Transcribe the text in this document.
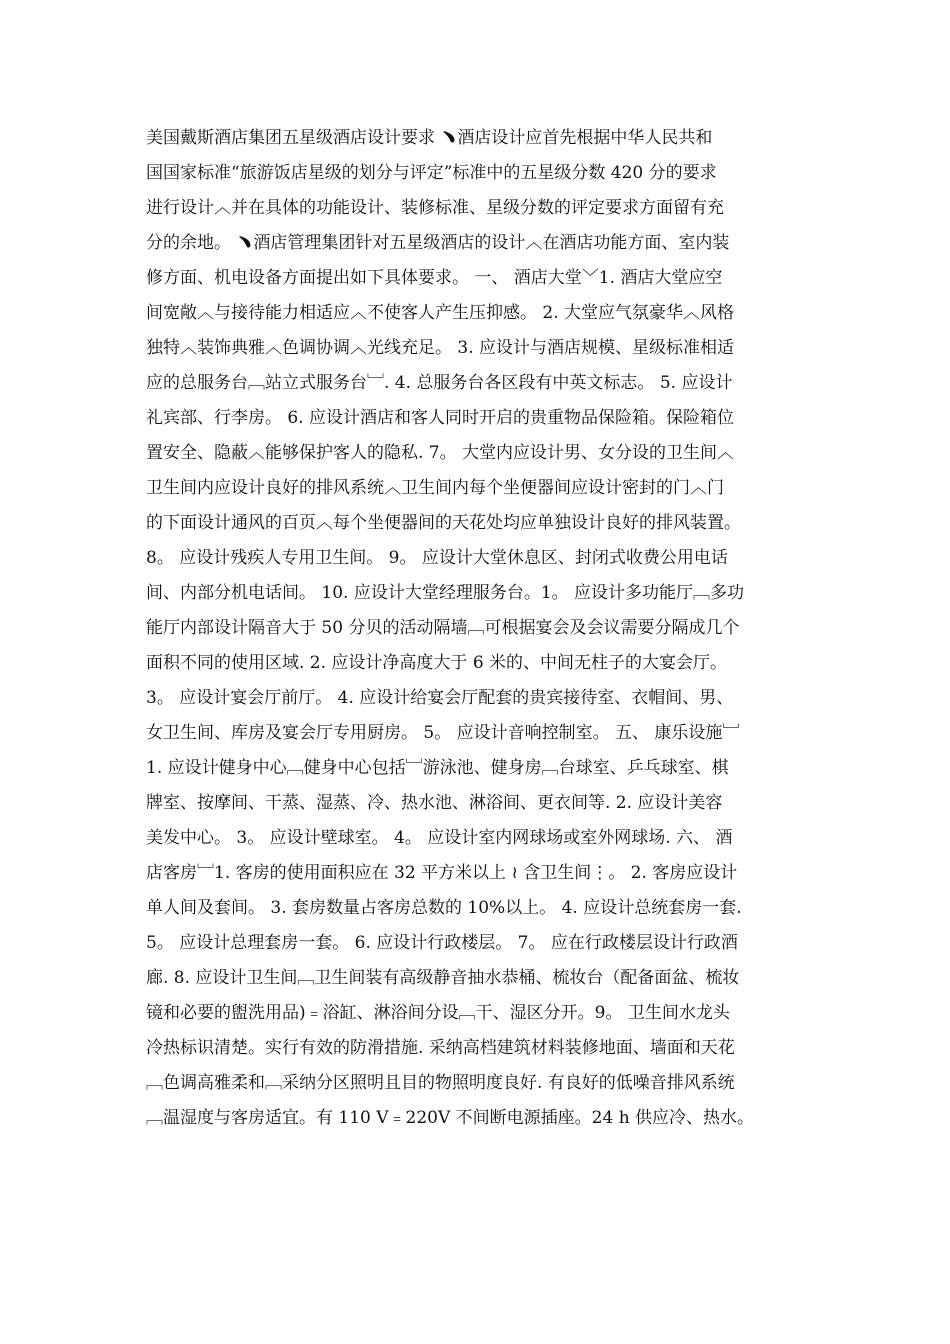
美国戴斯酒店集团五星级酒店设计要求 ﹅酒店设计应首先根据中华人民共和
国国家标准“旅游饭店星级的划分与评定”标准中的五星级分数 420 分的要求
进行设计︿并在具体的功能设计、装修标准、星级分数的评定要求方面留有充
分的余地。 ﹅酒店管理集团针对五星级酒店的设计︿在酒店功能方面、室内装
修方面、机电设备方面提出如下具体要求。 一、 酒店大堂﹀1. 酒店大堂应空
间宽敞︿与接待能力相适应︿不使客人产生压抑感。 2. 大堂应气氛豪华︿风格
独特︿装饰典雅︿色调协调︿光线充足。 3. 应设计与酒店规模、星级标准相适
应的总服务台﹇站立式服务台﹈. 4. 总服务台各区段有中英文标志。 5. 应设计
礼宾部、行李房。 6. 应设计酒店和客人同时开启的贵重物品保险箱。保险箱位
置安全、隐蔽︿能够保护客人的隐私. 7。 大堂内应设计男、女分设的卫生间︿
卫生间内应设计良好的排风系统︿卫生间内每个坐便器间应设计密封的门︿门
的下面设计通风的百页︿每个坐便器间的天花处均应单独设计良好的排风装置。
8。 应设计残疾人专用卫生间。 9。 应设计大堂休息区、封闭式收费公用电话
间、内部分机电话间。 10. 应设计大堂经理服务台。1。 应设计多功能厅﹇多功
能厅内部设计隔音大于 50 分贝的活动隔墙﹇可根据宴会及会议需要分隔成几个
面积不同的使用区域. 2. 应设计净高度大于 6 米的、中间无柱子的大宴会厅。
3。 应设计宴会厅前厅。 4. 应设计给宴会厅配套的贵宾接待室、衣帽间、男、
女卫生间、库房及宴会厅专用厨房。 5。 应设计音响控制室。 五、 康乐设施﹈
1. 应设计健身中心﹇健身中心包括﹈游泳池、健身房﹇台球室、乒乓球室、棋
牌室、按摩间、干蒸、湿蒸、冷、热水池、淋浴间、更衣间等. 2. 应设计美容
美发中心。 3。 应设计壁球室。 4。 应设计室内网球场或室外网球场. 六、 酒
店客房﹈1. 客房的使用面积应在 32 平方米以上 ≀ 含卫生间⋮。 2. 客房应设计
单人间及套间。 3. 套房数量占客房总数的 10%以上。 4. 应设计总统套房一套.
5。 应设计总理套房一套。 6. 应设计行政楼层。 7。 应在行政楼层设计行政酒
廊. 8. 应设计卫生间﹇卫生间装有高级静音抽水恭桶、梳妆台（配备面盆、梳妆
镜和必要的盥洗用品)﹦浴缸、淋浴间分设﹇干、湿区分开。9。 卫生间水龙头
冷热标识清楚。实行有效的防滑措施. 采纳高档建筑材料装修地面、墙面和天花
﹇色调高雅柔和﹇采纳分区照明且目的物照明度良好. 有良好的低噪音排风系统
﹇温湿度与客房适宜。有 110 V﹦220V 不间断电源插座。24 h 供应冷、热水。
